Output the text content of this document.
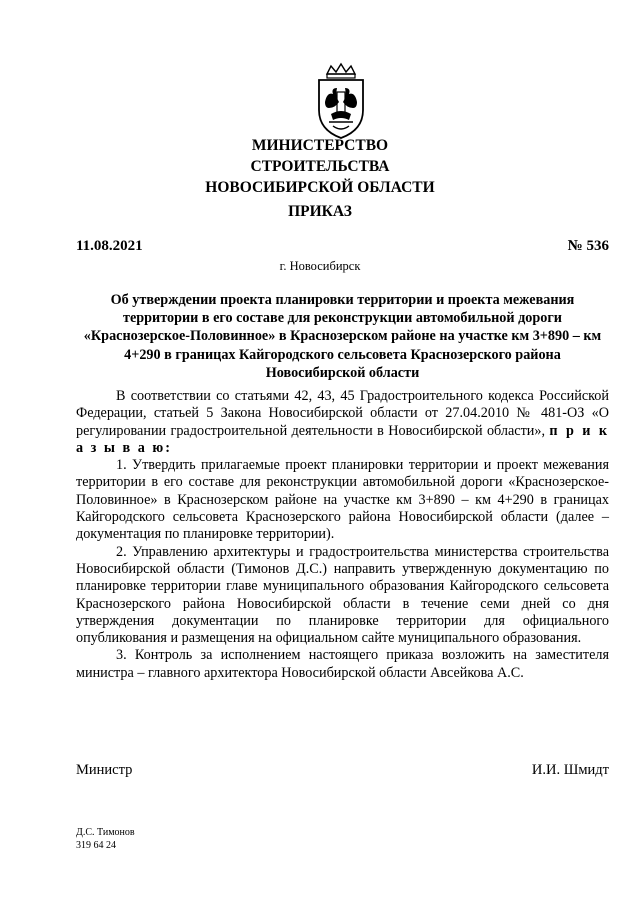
МИНИСТЕРСТВО
СТРОИТЕЛЬСТВА
НОВОСИБИРСКОЙ ОБЛАСТИ
ПРИКАЗ
11.08.2021	№ 536
г. Новосибирск
Об утверждении проекта планировки территории и проекта межевания территории в его составе для реконструкции автомобильной дороги «Краснозерское-Половинное» в Краснозерском районе на участке км 3+890 – км 4+290 в границах Кайгородского сельсовета Краснозерского района Новосибирской области

В соответствии со статьями 42, 43, 45 Градостроительного кодекса Российской Федерации, статьей 5 Закона Новосибирской области от 27.04.2010 № 481-ОЗ «О регулировании градостроительной деятельности в Новосибирской области», п р и к а з ы в а ю:

1. Утвердить прилагаемые проект планировки территории и проект межевания территории в его составе для реконструкции автомобильной дороги «Краснозерское-Половинное» в Краснозерском районе на участке км 3+890 – км 4+290 в границах Кайгородского сельсовета Краснозерского района Новосибирской области (далее – документация по планировке территории).

2. Управлению архитектуры и градостроительства министерства строительства Новосибирской области (Тимонов Д.С.) направить утвержденную документацию по планировке территории главе муниципального образования Кайгородского сельсовета Краснозерского района Новосибирской области в течение семи дней со дня утверждения документации по планировке территории для официального опубликования и размещения на официальном сайте муниципального образования.

3. Контроль за исполнением настоящего приказа возложить на заместителя министра – главного архитектора Новосибирской области Авсейкова А.С.

Министр	И.И. Шмидт
Д.С. Тимонов
319 64 24
